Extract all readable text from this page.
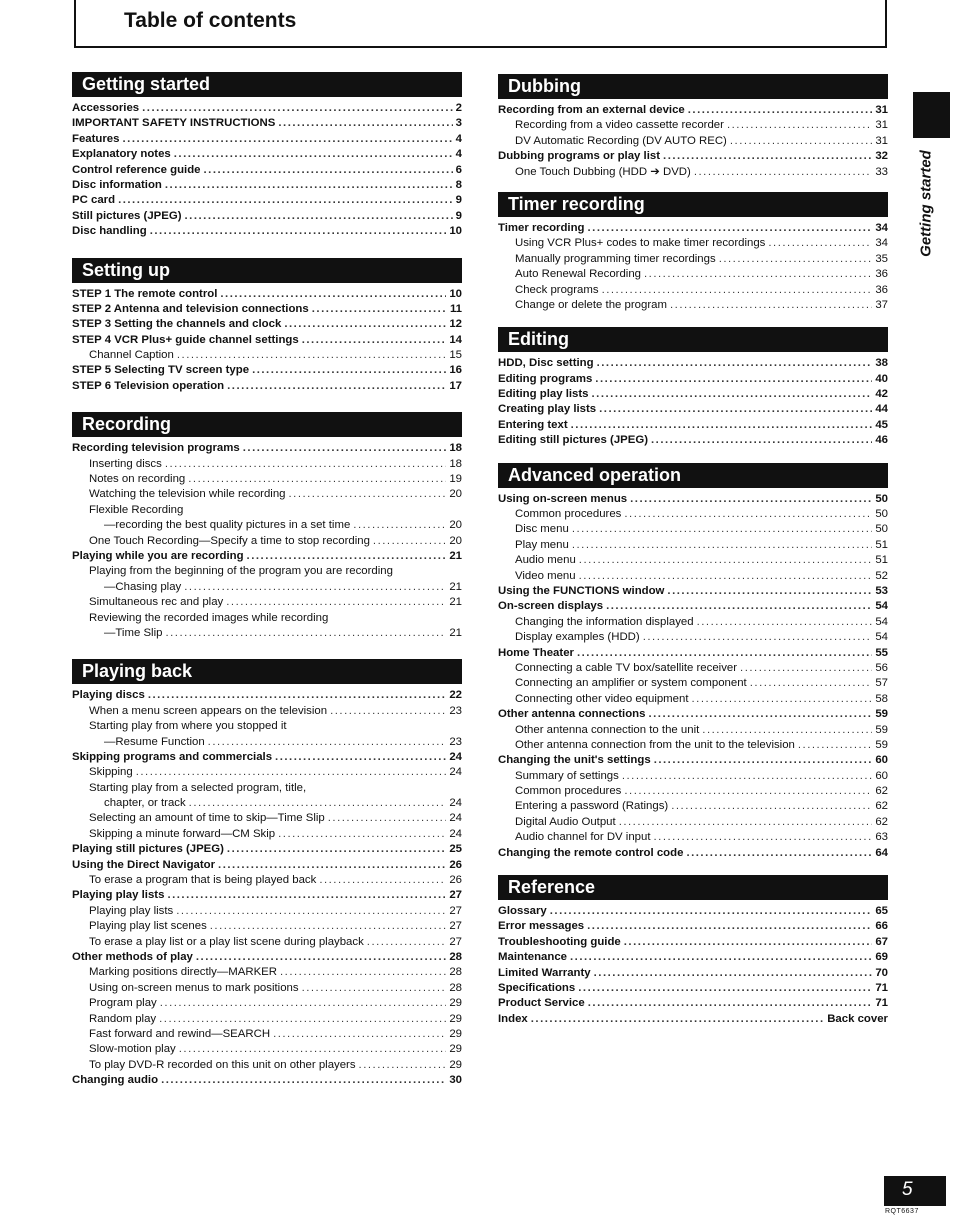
Table of contents
Getting started
Accessories .....	2
IMPORTANT SAFETY INSTRUCTIONS .....	3
Features .....	4
Explanatory notes .....	4
Control reference guide .....	6
Disc information .....	8
PC card .....	9
Still pictures (JPEG) .....	9
Disc handling .....	10
Setting up
STEP 1 The remote control .....	10
STEP 2 Antenna and television connections .....	11
STEP 3 Setting the channels and clock .....	12
STEP 4 VCR Plus+ guide channel settings .....	14
Channel Caption .....	15
STEP 5 Selecting TV screen type .....	16
STEP 6 Television operation .....	17
Recording
Recording television programs .....	18
Inserting discs .....	18
Notes on recording .....	19
Watching the television while recording .....	20
Flexible Recording
—recording the best quality pictures in a set time .....	20
One Touch Recording—Specify a time to stop recording .....	20
Playing while you are recording .....	21
Playing from the beginning of the program you are recording
—Chasing play .....	21
Simultaneous rec and play .....	21
Reviewing the recorded images while recording
—Time Slip .....	21
Playing back
Playing discs .....	22
When a menu screen appears on the television .....	23
Starting play from where you stopped it
—Resume Function .....	23
Skipping programs and commercials .....	24
Skipping .....	24
Starting play from a selected program, title,
chapter, or track .....	24
Selecting an amount of time to skip—Time Slip .....	24
Skipping a minute forward—CM Skip .....	24
Playing still pictures (JPEG) .....	25
Using the Direct Navigator .....	26
To erase a program that is being played back .....	26
Playing play lists .....	27
Playing play lists .....	27
Playing play list scenes .....	27
To erase a play list or a play list scene during playback .....	27
Other methods of play .....	28
Marking positions directly—MARKER .....	28
Using on-screen menus to mark positions .....	28
Program play .....	29
Random play .....	29
Fast forward and rewind—SEARCH .....	29
Slow-motion play .....	29
To play DVD-R recorded on this unit on other players .....	29
Changing audio .....	30
Dubbing
Recording from an external device .....	31
Recording from a video cassette recorder .....	31
DV Automatic Recording (DV AUTO REC) .....	31
Dubbing programs or play list .....	32
One Touch Dubbing (HDD ➔ DVD) .....	33
Timer recording
Timer recording .....	34
Using VCR Plus+ codes to make timer recordings .....	34
Manually programming timer recordings .....	35
Auto Renewal Recording .....	36
Check programs .....	36
Change or delete the program .....	37
Editing
HDD, Disc setting .....	38
Editing programs .....	40
Editing play lists .....	42
Creating play lists .....	44
Entering text .....	45
Editing still pictures (JPEG) .....	46
Advanced operation
Using on-screen menus .....	50
Common procedures .....	50
Disc menu .....	50
Play menu .....	51
Audio menu .....	51
Video menu .....	52
Using the FUNCTIONS window .....	53
On-screen displays .....	54
Changing the information displayed .....	54
Display examples (HDD) .....	54
Home Theater .....	55
Connecting a cable TV box/satellite receiver .....	56
Connecting an amplifier or system component .....	57
Connecting other video equipment .....	58
Other antenna connections .....	59
Other antenna connection to the unit .....	59
Other antenna connection from the unit to the television .....	59
Changing the unit's settings .....	60
Summary of settings .....	60
Common procedures .....	62
Entering a password (Ratings) .....	62
Digital Audio Output .....	62
Audio channel for DV input .....	63
Changing the remote control code .....	64
Reference
Glossary .....	65
Error messages .....	66
Troubleshooting guide .....	67
Maintenance .....	69
Limited Warranty .....	70
Specifications .....	71
Product Service .....	71
Index .....	Back cover
Getting started
5
RQT6637
